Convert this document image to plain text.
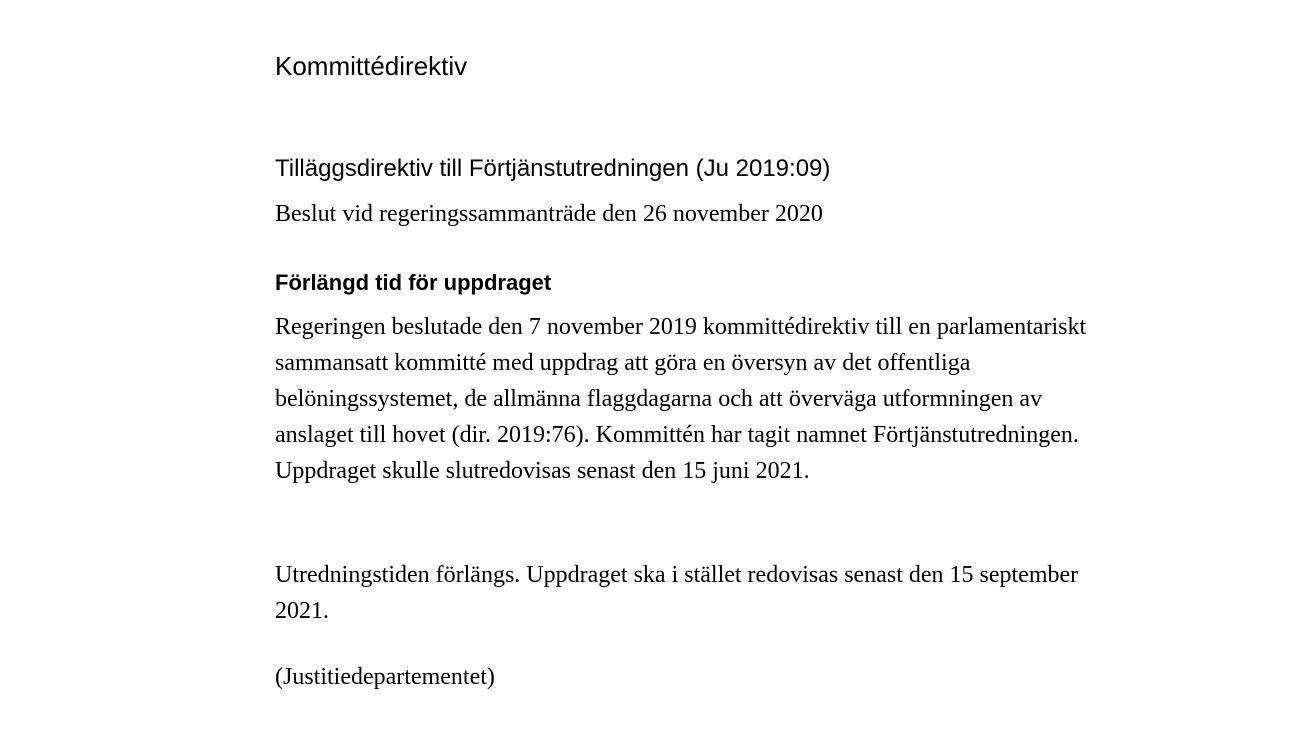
Kommittédirektiv
Tilläggsdirektiv till Förtjänstutredningen (Ju 2019:09)
Beslut vid regeringssammanträde den 26 november 2020
Förlängd tid för uppdraget

Regeringen beslutade den 7 november 2019 kommittédirektiv till en parlamentariskt sammansatt kommitté med uppdrag att göra en översyn av det offentliga belöningssystemet, de allmänna flaggdagarna och att överväga utformningen av anslaget till hovet (dir. 2019:76). Kommittén har tagit namnet Förtjänstutredningen. Uppdraget skulle slutredovisas senast den 15 juni 2021.

Utredningstiden förlängs. Uppdraget ska i stället redovisas senast den 15 september 2021.

(Justitiedepartementet)
